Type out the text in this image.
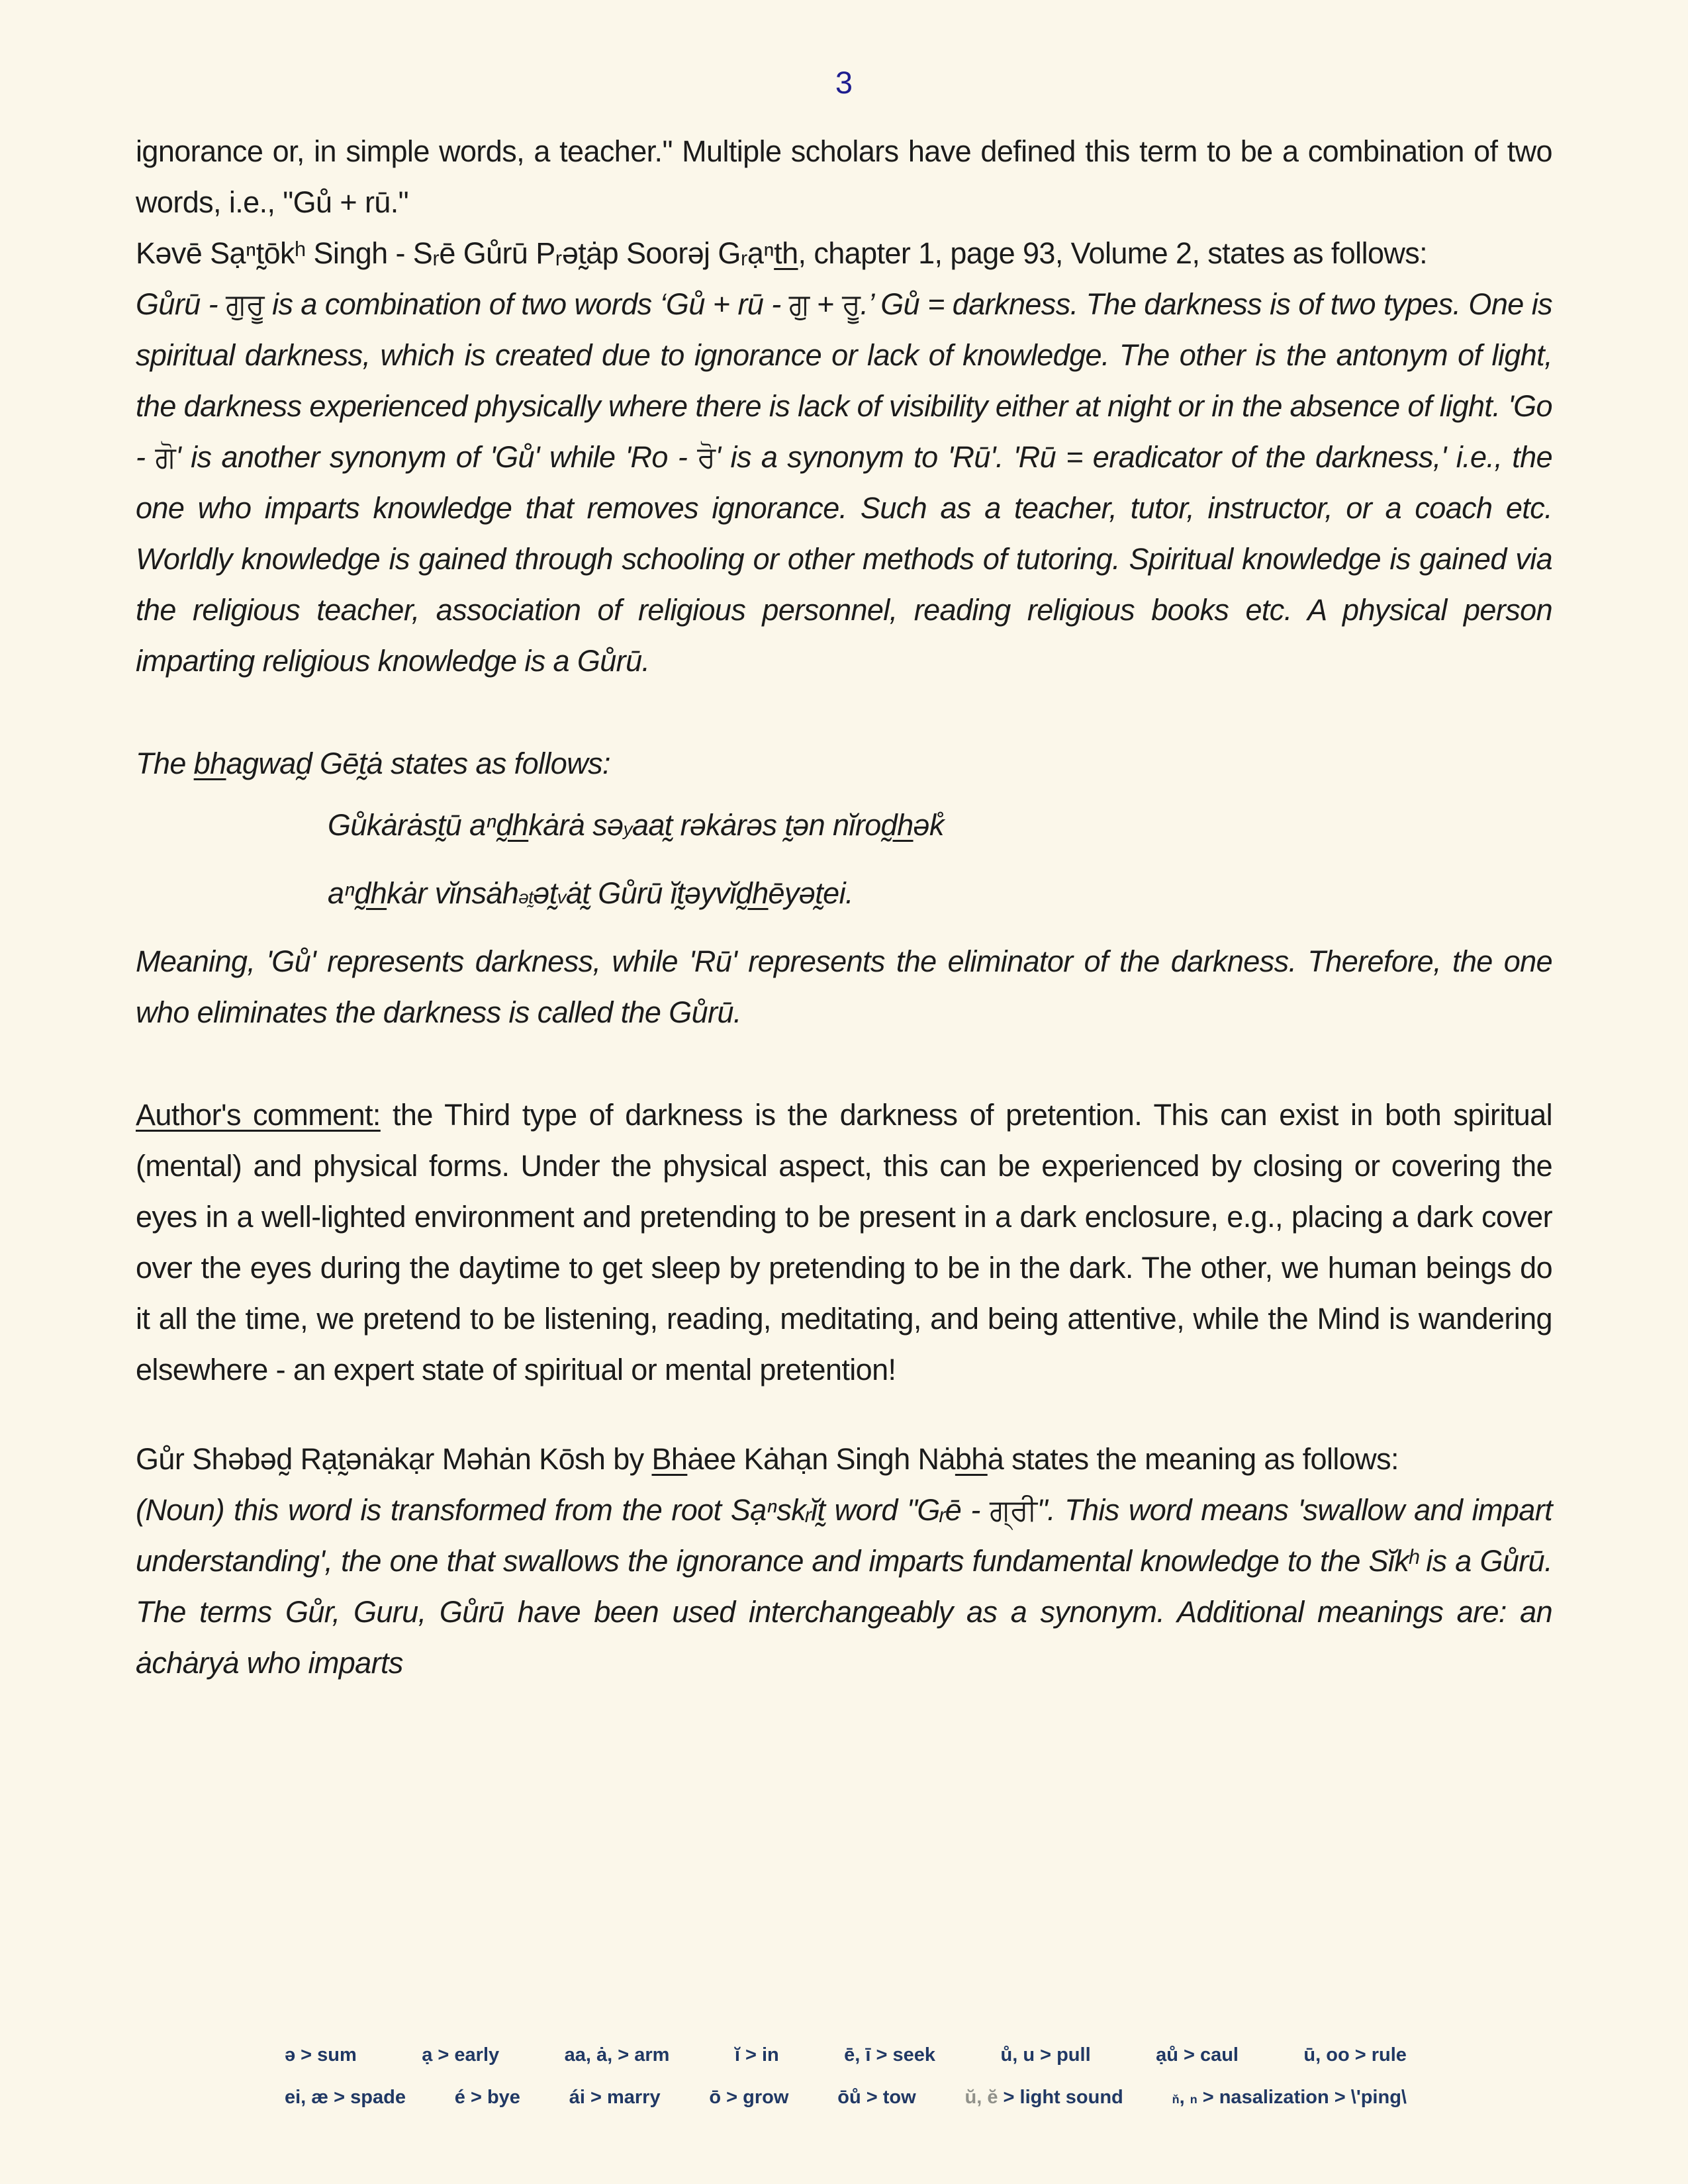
3

ignorance or, in simple words, a teacher." Multiple scholars have defined this term to be a combination of two words, i.e., "Gů + rū."

Kəvē Sạⁿt̰ōkʰ Singh - Sᵣē Gůrū Pᵣət̰ȧp Soorəj Gᵣạⁿth, chapter 1, page 93, Volume 2, states as follows:

Gůrū - ਗੁਰੂ is a combination of two words ‘Gů + rū - ਗੁ + ਰੂ.’ Gů = darkness. The darkness is of two types. One is spiritual darkness, which is created due to ignorance or lack of knowledge. The other is the antonym of light, the darkness experienced physically where there is lack of visibility either at night or in the absence of light. 'Go - ਗੋ' is another synonym of 'Gů' while 'Ro - ਰੋ' is a synonym to 'Rū'. 'Rū = eradicator of the darkness,' i.e., the one who imparts knowledge that removes ignorance. Such as a teacher, tutor, instructor, or a coach etc. Worldly knowledge is gained through schooling or other methods of tutoring. Spiritual knowledge is gained via the religious teacher, association of religious personnel, reading religious books etc. A physical person imparting religious knowledge is a Gůrū.

The bhagwad̰ Gēt̰ȧ states as follows:

Gůkȧrȧst̰ū aⁿd̰hkȧrȧ sə$_y$aat̰ rəkȧrəs t̰ən nĭrod̰hək̊

aⁿd̰hkȧr $vĭnsȧh_{ət̰}ət̰_vȧt̰$ Gůrū ĭt̰əyvĭd̰hēyət̰ei.

Meaning, 'Gů' represents darkness, while 'Rū' represents the eliminator of the darkness. Therefore, the one who eliminates the darkness is called the Gůrū.

Author's comment: the Third type of darkness is the darkness of pretention. This can exist in both spiritual (mental) and physical forms. Under the physical aspect, this can be experienced by closing or covering the eyes in a well-lighted environment and pretending to be present in a dark enclosure, e.g., placing a dark cover over the eyes during the daytime to get sleep by pretending to be in the dark. The other, we human beings do it all the time, we pretend to be listening, reading, meditating, and being attentive, while the Mind is wandering elsewhere - an expert state of spiritual or mental pretention!

Gůr Shəbəd̰ Rạt̰ənȧkạr Məhȧn Kōsh by Bhȧee Kȧhạn Singh Nȧbhȧ states the meaning as follows:

(Noun) this word is transformed from the root Sạⁿskᵣĭt̰ word "Gᵣē - ਗ੍ਰੀ". This word means 'swallow and impart understanding', the one that swallows the ignorance and imparts fundamental knowledge to the Sĭkʰ is a Gůrū. The terms Gůr, Guru, Gůrū have been used interchangeably as a synonym. Additional meanings are: an ȧchȧryȧ who imparts

ə > sum	ạ > early	aa, ȧ, > arm	ĭ > in	ē, ī > seek	ů, u > pull	ạů > caul	ū, oo > rule
ei, æ > spade	é > bye	ái > marry	ō > grow	ōů > tow	ŭ, ĕ > light sound	$^ň$, $^n$ > nasalization > \'ping\
